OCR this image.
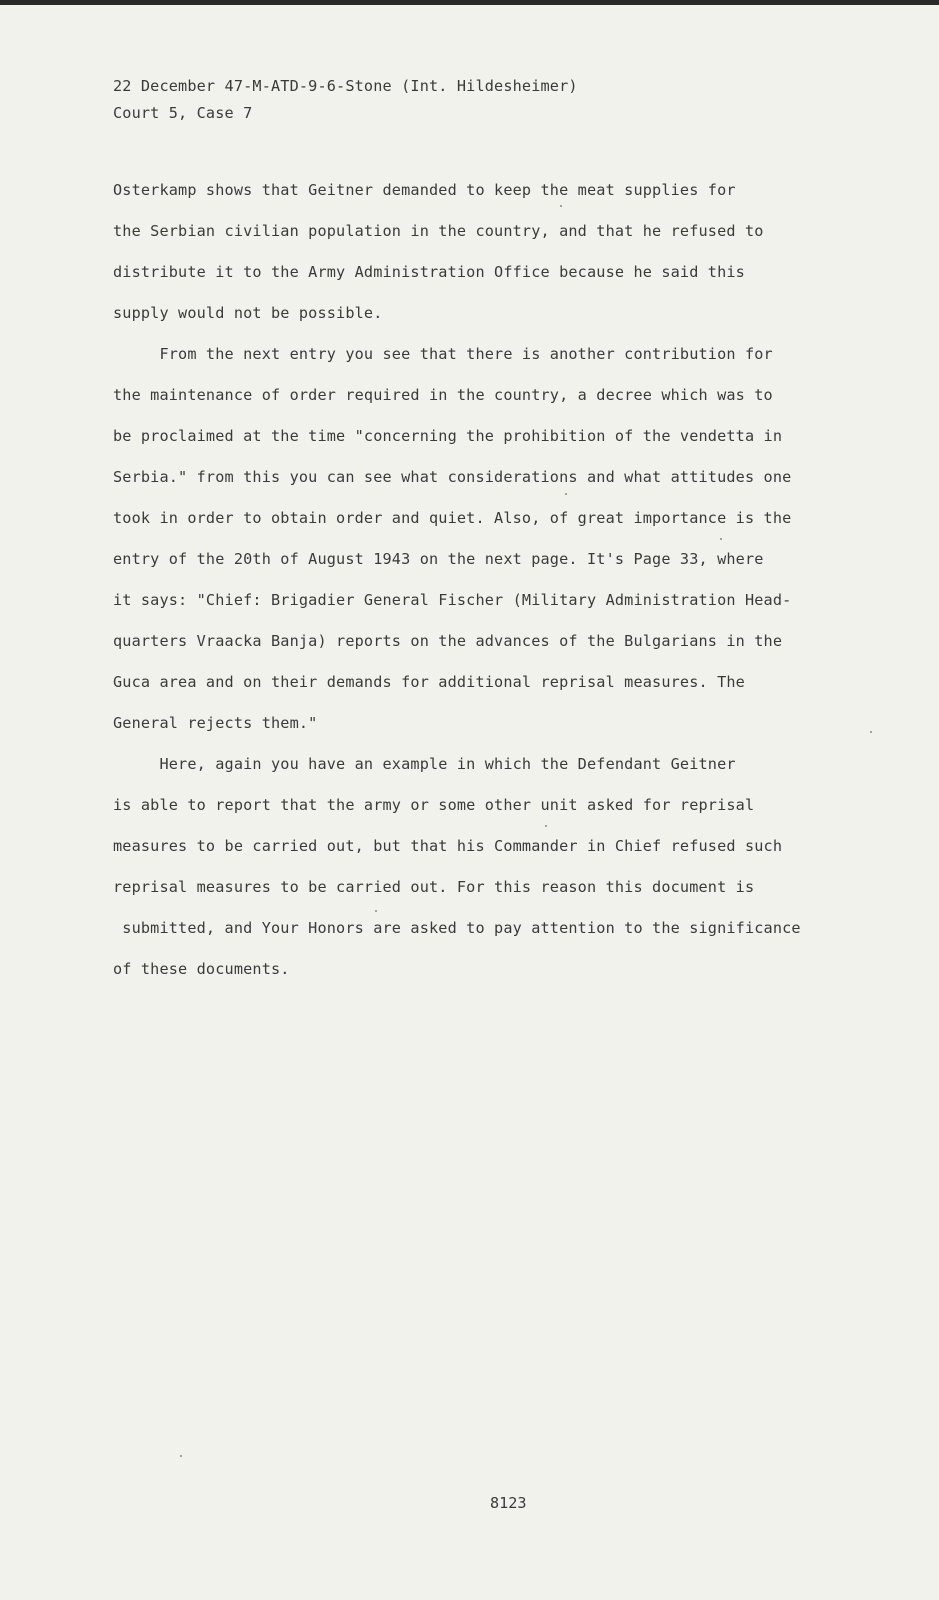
22 December 47-M-ATD-9-6-Stone (Int. Hildesheimer)
Court 5, Case 7
Osterkamp shows that Geitner demanded to keep the meat supplies for
the Serbian civilian population in the country, and that he refused to
distribute it to the Army Administration Office because he said this
supply would not be possible.
From the next entry you see that there is another contribution for
the maintenance of order required in the country, a decree which was to
be proclaimed at the time "concerning the prohibition of the vendetta in
Serbia." from this you can see what considerations and what attitudes one
took in order to obtain order and quiet. Also, of great importance is the
entry of the 20th of August 1943 on the next page. It's Page 33, where
it says: "Chief: Brigadier General Fischer (Military Administration Head-
quarters Vraacka Banja) reports on the advances of the Bulgarians in the
Guca area and on their demands for additional reprisal measures. The
General rejects them."
Here, again you have an example in which the Defendant Geitner
is able to report that the army or some other unit asked for reprisal
measures to be carried out, but that his Commander in Chief refused such
reprisal measures to be carried out. For this reason this document is
submitted, and Your Honors are asked to pay attention to the significance
of these documents.
8123
